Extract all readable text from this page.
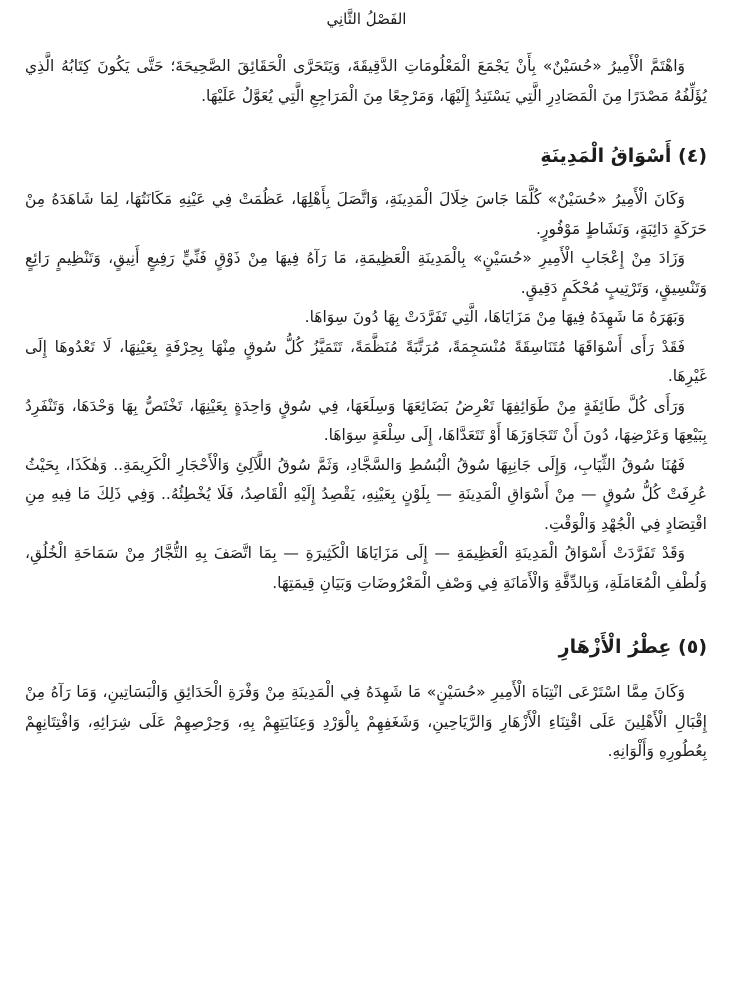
الفَصْلُ الثَّانِي

وَاهْتَمَّ الْأَمِيرُ «حُسَيْنٌ» بِأَنْ يَجْمَعَ الْمَعْلُومَاتِ الدَّقِيقَةَ، وَيَتَحَرَّى الْحَقَائِقَ الصَّحِيحَةَ؛ حَتَّى يَكُونَ كِتَابُهُ الَّذِي يُؤَلِّفُهُ مَصْدَرًا مِنَ الْمَصَادِرِ الَّتِي يَسْتَنِدُ إِلَيْهَا، وَمَرْجِعًا مِنَ الْمَرَاجِعِ الَّتِي يُعَوَّلُ عَلَيْهَا.

(٤) أَسْوَاقُ الْمَدِينَةِ

وَكَانَ الْأَمِيرُ «حُسَيْنٌ» كُلَّمَا جَاسَ خِلَالَ الْمَدِينَةِ، وَاتَّصَلَ بِأَهْلِهَا، عَظُمَتْ فِي عَيْنِهِ مَكَانَتُهَا، لِمَا شَاهَدَهُ مِنْ حَرَكَةٍ دَائِبَةٍ، وَنَشَاطٍ مَوْفُورٍ.

وَزَادَ مِنْ إِعْجَابِ الْأَمِيرِ «حُسَيْنٍ» بِالْمَدِينَةِ الْعَظِيمَةِ، مَا رَآهُ فِيهَا مِنْ ذَوْقٍ فَنِّيٍّ رَفِيعٍ أَنِيقٍ، وَتَنْظِيمٍ رَائِعٍ وَتَنْسِيقٍ، وَتَرْتِيبٍ مُحْكَمٍ دَقِيقٍ.

وَبَهَرَهُ مَا شَهِدَهُ فِيهَا مِنْ مَزَايَاهَا، الَّتِي تَفَرَّدَتْ بِهَا دُونَ سِوَاهَا.

فَقَدْ رَأَى أَسْوَاقَهَا مُتَنَاسِقَةً مُنْسَجِمَةً، مُرَتَّبَةً مُنَظَّمَةً، تَتَمَيَّزُ كُلُّ سُوقٍ مِنْهَا بِحِرْفَةٍ بِعَيْنِهَا، لَا تَعْدُوهَا إِلَى غَيْرِهَا.

وَرَأَى كُلَّ طَائِفَةٍ مِنْ طَوَائِفِهَا تَعْرِضُ بَضَائِعَهَا وَسِلَعَهَا، فِي سُوقٍ وَاحِدَةٍ بِعَيْنِهَا، تَخْتَصُّ بِهَا وَحْدَهَا، وَتَنْفَرِدُ بِبَيْعِهَا وَعَرْضِهَا، دُونَ أَنْ تَتَجَاوَزَهَا أَوْ تَتَعَدَّاهَا، إِلَى سِلْعَةٍ سِوَاهَا.

فَهُنَا سُوقُ الثِّيَابِ، وَإِلَى جَانِبِهَا سُوقُ الْبُسُطِ وَالسَّجَّادِ، وَثَمَّ سُوقُ اللَّآلِئِ وَالْأَحْجَارِ الْكَرِيمَةِ.. وَهٰكَذَا، بِحَيْثُ عُرِفَتْ كُلُّ سُوقٍ — مِنْ أَسْوَاقِ الْمَدِينَةِ — بِلَوْنٍ بِعَيْنِهِ، يَقْصِدُ إِلَيْهِ الْقَاصِدُ، فَلَا يُخْطِئُهُ.. وَفِي ذَلِكَ مَا فِيهِ مِنِ اقْتِصَادٍ فِي الْجُهْدِ وَالْوَقْتِ.

وَقَدْ تَفَرَّدَتْ أَسْوَاقُ الْمَدِينَةِ الْعَظِيمَةِ — إِلَى مَزَايَاهَا الْكَثِيرَةِ — بِمَا اتَّصَفَ بِهِ التُّجَّارُ مِنْ سَمَاحَةِ الْخُلُقِ، وَلُطْفِ الْمُعَامَلَةِ، وَبِالدِّقَّةِ وَالْأَمَانَةِ فِي وَصْفِ الْمَعْرُوضَاتِ وَبَيَانِ قِيمَتِهَا.

(٥) عِطْرُ الْأَزْهَارِ

وَكَانَ مِمَّا اسْتَرْعَى انْتِبَاهَ الْأَمِيرِ «حُسَيْنٍ» مَا شَهِدَهُ فِي الْمَدِينَةِ مِنْ وَفْرَةِ الْحَدَائِقِ وَالْبَسَاتِينِ، وَمَا رَآهُ مِنْ إِقْبَالِ الْأَهْلِينَ عَلَى اقْتِنَاءِ الْأَزْهَارِ وَالرَّيَاحِينِ، وَشَغَفِهِمْ بِالْوَرْدِ وَعِنَايَتِهِمْ بِهِ، وَحِرْصِهِمْ عَلَى شِرَائِهِ، وَافْتِتَانِهِمْ بِعُطُورِهِ وَأَلْوَانِهِ.
